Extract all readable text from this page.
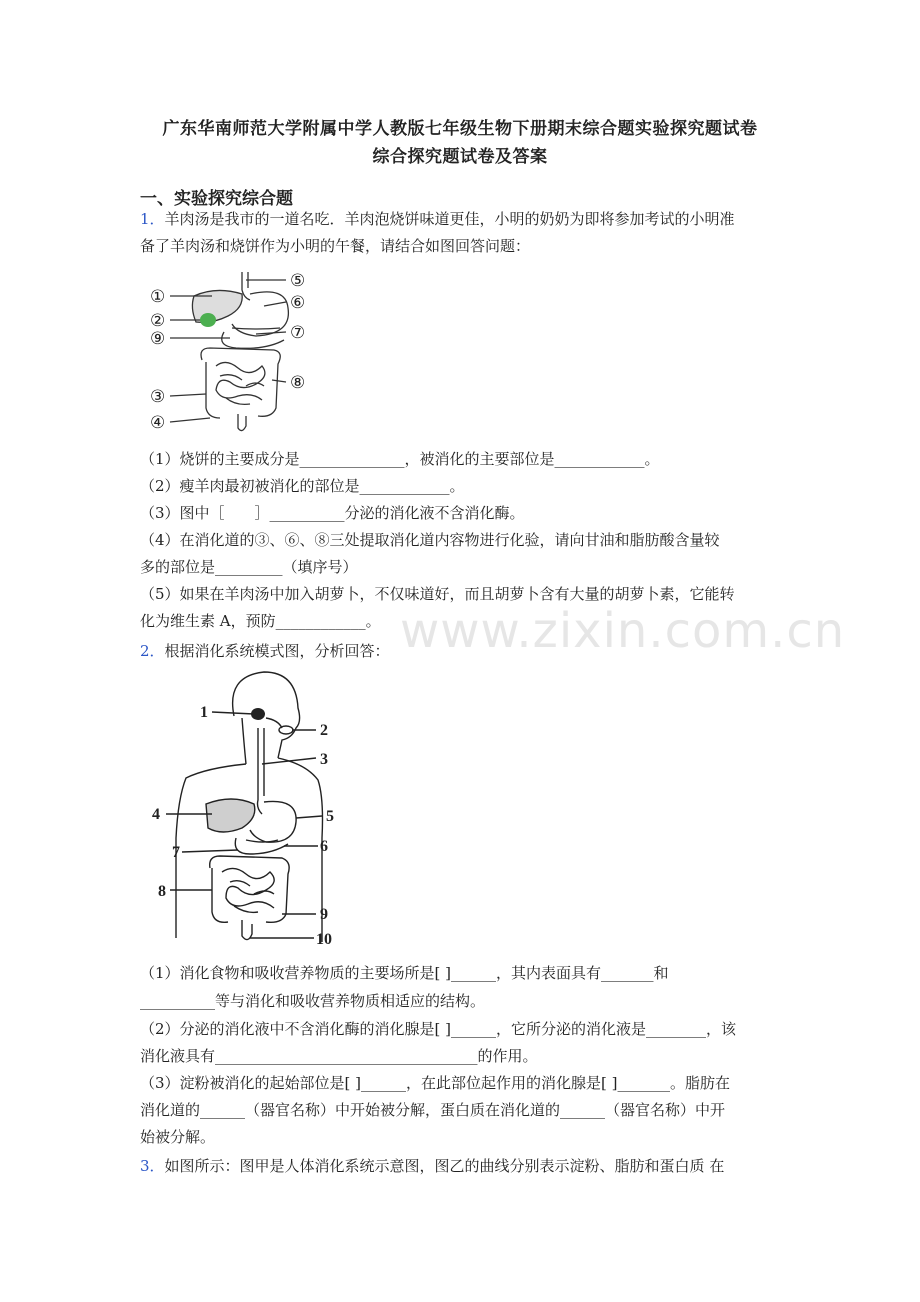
广东华南师范大学附属中学人教版七年级生物下册期末综合题实验探究题试卷
综合探究题试卷及答案
一、实验探究综合题
1．羊肉汤是我市的一道名吃．羊肉泡烧饼味道更佳，小明的奶奶为即将参加考试的小明准
备了羊肉汤和烧饼作为小明的午餐，请结合如图回答问题：
①
②
⑨
③
④
⑤
⑥
⑦
⑧
（1）烧饼的主要成分是______________，被消化的主要部位是____________。
（2）瘦羊肉最初被消化的部位是____________。
（3）图中［　　］__________分泌的消化液不含消化酶。
（4）在消化道的③、⑥、⑧三处提取消化道内容物进行化验，请向甘油和脂肪酸含量较
多的部位是_________（填序号）
（5）如果在羊肉汤中加入胡萝卜，不仅味道好，而且胡萝卜含有大量的胡萝卜素，它能转
化为维生素 A，预防____________。 www.zixin.com.cn
2．根据消化系统模式图，分析回答：
1
2
3
4	5
6
7
8
9
10
（1）消化食物和吸收营养物质的主要场所是[ ]______，其内表面具有_______和
__________等与消化和吸收营养物质相适应的结构。
（2）分泌的消化液中不含消化酶的消化腺是[ ]______，它所分泌的消化液是________，该
消化液具有___________________________________的作用。
（3）淀粉被消化的起始部位是[ ]______，在此部位起作用的消化腺是[ ]_______。脂肪在
消化道的______（器官名称）中开始被分解，蛋白质在消化道的______（器官名称）中开
始被分解。
3．如图所示：图甲是人体消化系统示意图，图乙的曲线分别表示淀粉、脂肪和蛋白质 在
